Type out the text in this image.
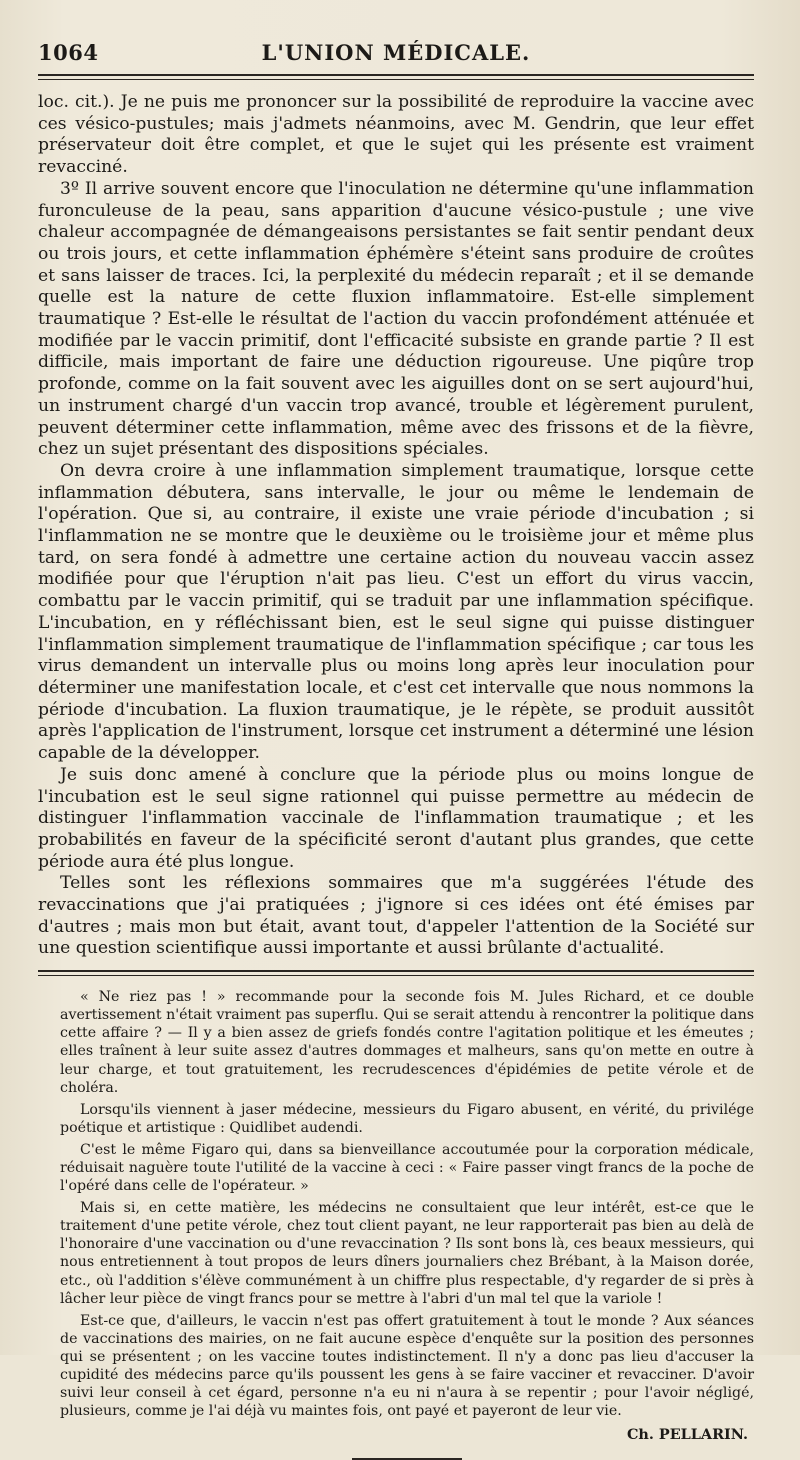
1064	L'UNION MÉDICALE.

loc. cit.). Je ne puis me prononcer sur la possibilité de reproduire la vaccine avec ces vésico-pustules; mais j'admets néanmoins, avec M. Gendrin, que leur effet préservateur doit être complet, et que le sujet qui les présente est vraiment revacciné.

3º Il arrive souvent encore que l'inoculation ne détermine qu'une inflammation furonculeuse de la peau, sans apparition d'aucune vésico-pustule ; une vive chaleur accompagnée de démangeaisons persistantes se fait sentir pendant deux ou trois jours, et cette inflammation éphémère s'éteint sans produire de croûtes et sans laisser de traces. Ici, la perplexité du médecin reparaît ; et il se demande quelle est la nature de cette fluxion inflammatoire. Est-elle simplement traumatique ? Est-elle le résultat de l'action du vaccin profondément atténuée et modifiée par le vaccin primitif, dont l'efficacité subsiste en grande partie ? Il est difficile, mais important de faire une déduction rigoureuse. Une piqûre trop profonde, comme on la fait souvent avec les aiguilles dont on se sert aujourd'hui, un instrument chargé d'un vaccin trop avancé, trouble et légèrement purulent, peuvent déterminer cette inflammation, même avec des frissons et de la fièvre, chez un sujet présentant des dispositions spéciales.

On devra croire à une inflammation simplement traumatique, lorsque cette inflammation débutera, sans intervalle, le jour ou même le lendemain de l'opération. Que si, au contraire, il existe une vraie période d'incubation ; si l'inflammation ne se montre que le deuxième ou le troisième jour et même plus tard, on sera fondé à admettre une certaine action du nouveau vaccin assez modifiée pour que l'éruption n'ait pas lieu. C'est un effort du virus vaccin, combattu par le vaccin primitif, qui se traduit par une inflammation spécifique. L'incubation, en y réfléchissant bien, est le seul signe qui puisse distinguer l'inflammation simplement traumatique de l'inflammation spécifique ; car tous les virus demandent un intervalle plus ou moins long après leur inoculation pour déterminer une manifestation locale, et c'est cet intervalle que nous nommons la période d'incubation. La fluxion traumatique, je le répète, se produit aussitôt après l'application de l'instrument, lorsque cet instrument a déterminé une lésion capable de la développer.

Je suis donc amené à conclure que la période plus ou moins longue de l'incubation est le seul signe rationnel qui puisse permettre au médecin de distinguer l'inflammation vaccinale de l'inflammation traumatique ; et les probabilités en faveur de la spécificité seront d'autant plus grandes, que cette période aura été plus longue.

Telles sont les réflexions sommaires que m'a suggérées l'étude des revaccinations que j'ai pratiquées ; j'ignore si ces idées ont été émises par d'autres ; mais mon but était, avant tout, d'appeler l'attention de la Société sur une question scientifique aussi importante et aussi brûlante d'actualité.

« Ne riez pas ! » recommande pour la seconde fois M. Jules Richard, et ce double avertissement n'était vraiment pas superflu. Qui se serait attendu à rencontrer la politique dans cette affaire ? — Il y a bien assez de griefs fondés contre l'agitation politique et les émeutes ; elles traînent à leur suite assez d'autres dommages et malheurs, sans qu'on mette en outre à leur charge, et tout gratuitement, les recrudescences d'épidémies de petite vérole et de choléra.

Lorsqu'ils viennent à jaser médecine, messieurs du Figaro abusent, en vérité, du privilége poétique et artistique : Quidlibet audendi.

C'est le même Figaro qui, dans sa bienveillance accoutumée pour la corporation médicale, réduisait naguère toute l'utilité de la vaccine à ceci : « Faire passer vingt francs de la poche de l'opéré dans celle de l'opérateur. »

Mais si, en cette matière, les médecins ne consultaient que leur intérêt, est-ce que le traitement d'une petite vérole, chez tout client payant, ne leur rapporterait pas bien au delà de l'honoraire d'une vaccination ou d'une revaccination ? Ils sont bons là, ces beaux messieurs, qui nous entretiennent à tout propos de leurs dîners journaliers chez Brébant, à la Maison dorée, etc., où l'addition s'élève communément à un chiffre plus respectable, d'y regarder de si près à lâcher leur pièce de vingt francs pour se mettre à l'abri d'un mal tel que la variole !

Est-ce que, d'ailleurs, le vaccin n'est pas offert gratuitement à tout le monde ? Aux séances de vaccinations des mairies, on ne fait aucune espèce d'enquête sur la position des personnes qui se présentent ; on les vaccine toutes indistinctement. Il n'y a donc pas lieu d'accuser la cupidité des médecins parce qu'ils poussent les gens à se faire vacciner et revacciner. D'avoir suivi leur conseil à cet égard, personne n'a eu ni n'aura à se repentir ; pour l'avoir négligé, plusieurs, comme je l'ai déjà vu maintes fois, ont payé et payeront de leur vie.

Ch. PELLARIN.
